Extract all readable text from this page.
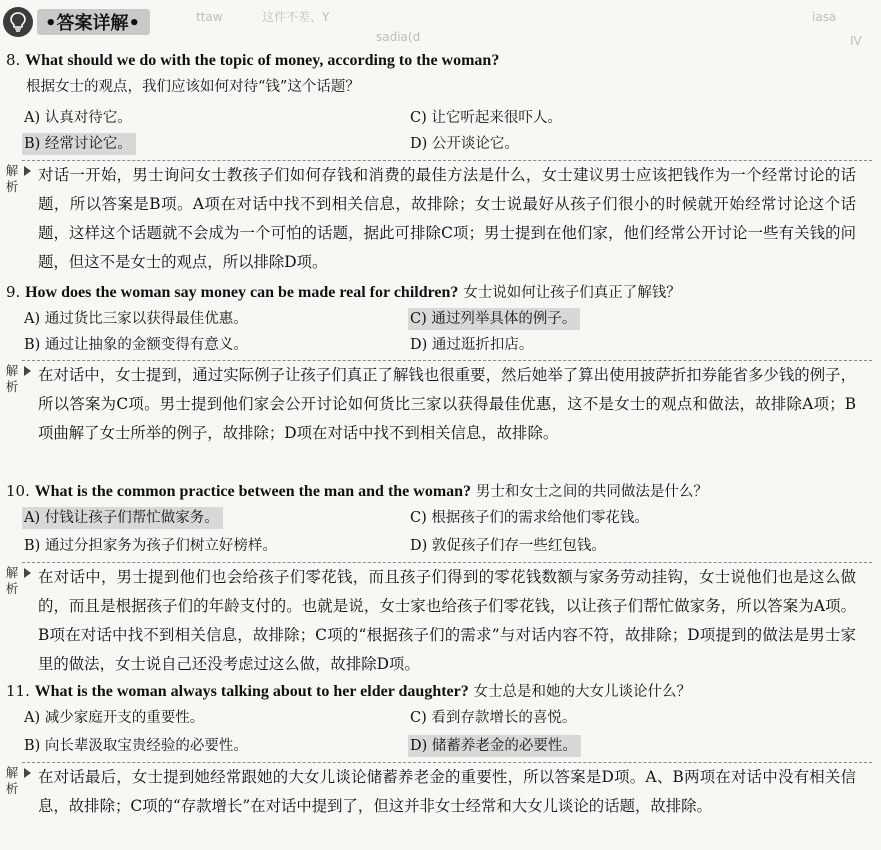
•答案详解•	ttaw	这件不差、Y
sadia(d
iasa
IV
8. What should we do with the topic of money, according to the woman?
根据女士的观点，我们应该如何对待“钱”这个话题？
A) 认真对待它。	C) 让它听起来很吓人。
B) 经常讨论它。	D) 公开谈论它。
解
析
对话一开始，男士询问女士教孩子们如何存钱和消费的最佳方法是什么，女士建议男士应该把钱作为一个经常讨论的话题，所以答案是B项。A项在对话中找不到相关信息，故排除；女士说最好从孩子们很小的时候就开始经常讨论这个话题，这样这个话题就不会成为一个可怕的话题，据此可排除C项；男士提到在他们家，他们经常公开讨论一些有关钱的问题，但这不是女士的观点，所以排除D项。
9. How does the woman say money can be made real for children? 女士说如何让孩子们真正了解钱？
A) 通过货比三家以获得最佳优惠。	C) 通过列举具体的例子。
B) 通过让抽象的金额变得有意义。	D) 通过逛折扣店。
解
析
在对话中，女士提到，通过实际例子让孩子们真正了解钱也很重要，然后她举了算出使用披萨折扣券能省多少钱的例子，所以答案为C项。男士提到他们家会公开讨论如何货比三家以获得最佳优惠，这不是女士的观点和做法，故排除A项；B项曲解了女士所举的例子，故排除；D项在对话中找不到相关信息，故排除。
10. What is the common practice between the man and the woman? 男士和女士之间的共同做法是什么？
A) 付钱让孩子们帮忙做家务。	C) 根据孩子们的需求给他们零花钱。
B) 通过分担家务为孩子们树立好榜样。	D) 敦促孩子们存一些红包钱。
解
析
在对话中，男士提到他们也会给孩子们零花钱，而且孩子们得到的零花钱数额与家务劳动挂钩，女士说他们也是这么做的，而且是根据孩子们的年龄支付的。也就是说，女士家也给孩子们零花钱，以让孩子们帮忙做家务，所以答案为A项。B项在对话中找不到相关信息，故排除；C项的“根据孩子们的需求”与对话内容不符，故排除；D项提到的做法是男士家里的做法，女士说自己还没考虑过这么做，故排除D项。
11. What is the woman always talking about to her elder daughter? 女士总是和她的大女儿谈论什么？
A) 减少家庭开支的重要性。	C) 看到存款增长的喜悦。
B) 向长辈汲取宝贵经验的必要性。	D) 储蓄养老金的必要性。
解
析
在对话最后，女士提到她经常跟她的大女儿谈论储蓄养老金的重要性，所以答案是D项。A、B两项在对话中没有相关信息，故排除；C项的“存款增长”在对话中提到了，但这并非女士经常和大女儿谈论的话题，故排除。
